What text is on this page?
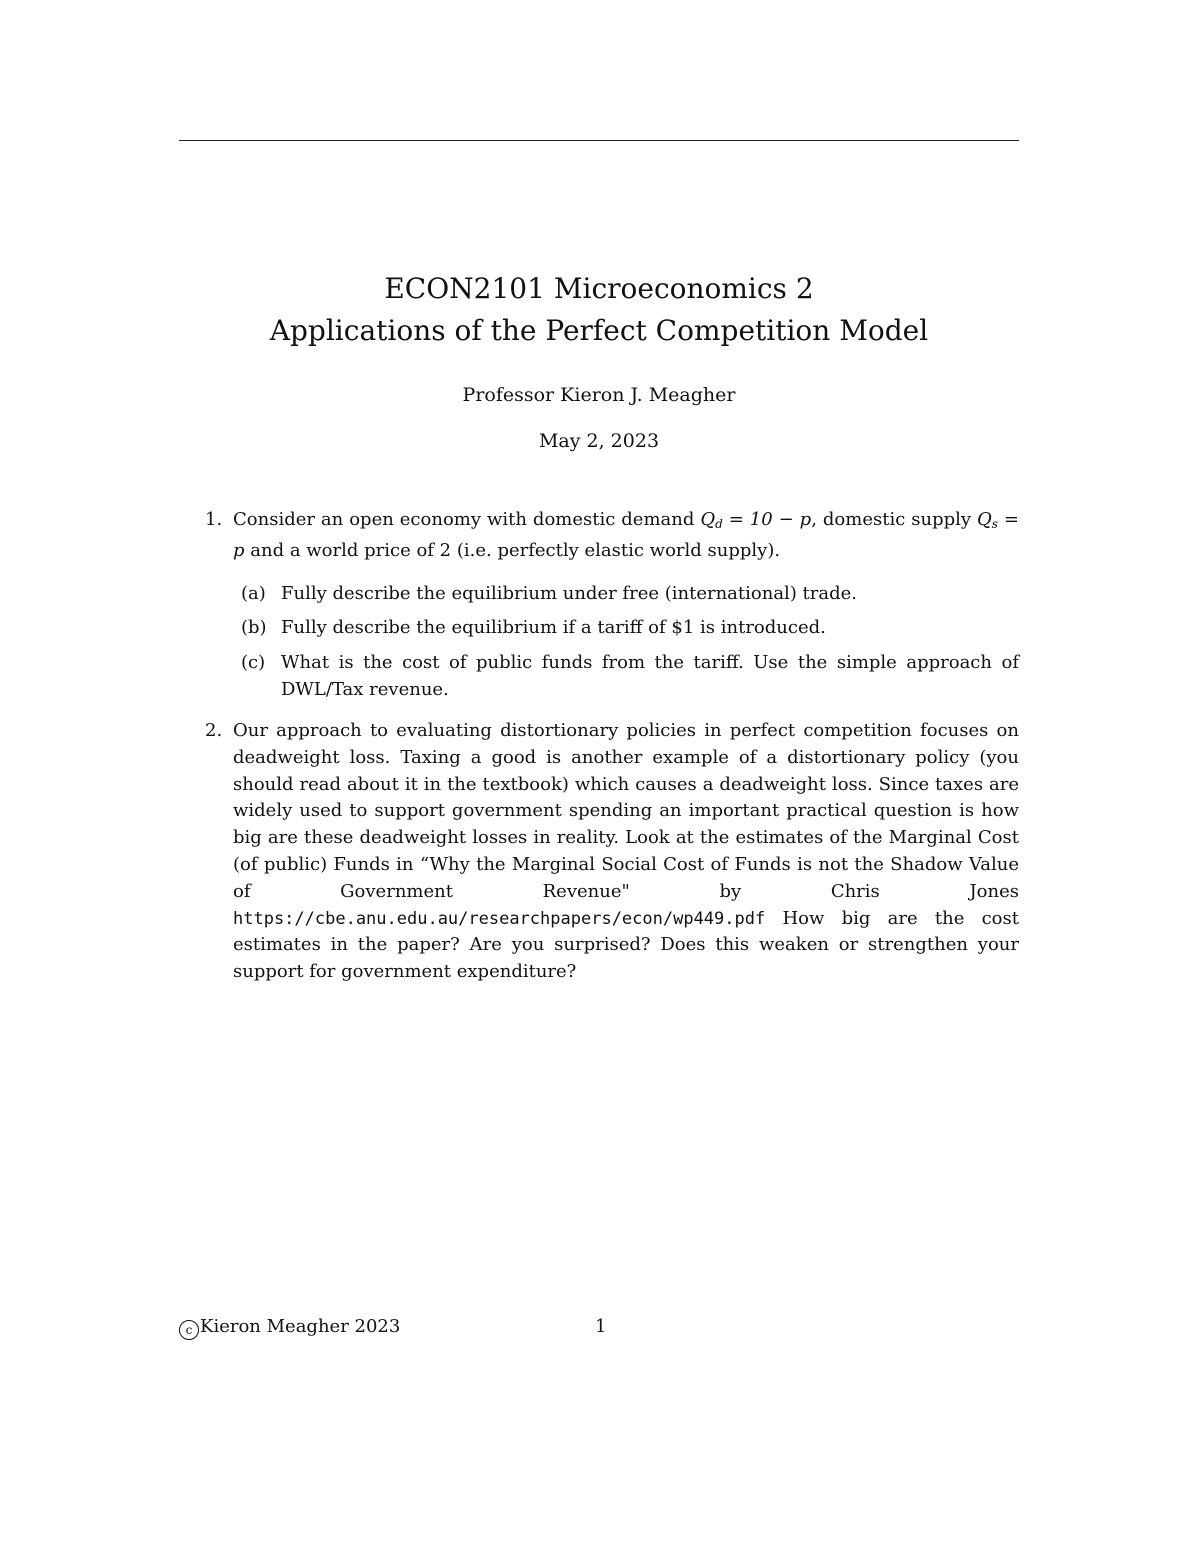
ECON2101 Microeconomics 2
Applications of the Perfect Competition Model
Professor Kieron J. Meagher
May 2, 2023
1. Consider an open economy with domestic demand Qd = 10 − p, domestic supply Qs = p and a world price of 2 (i.e. perfectly elastic world supply).
(a) Fully describe the equilibrium under free (international) trade.
(b) Fully describe the equilibrium if a tariff of $1 is introduced.
(c) What is the cost of public funds from the tariff. Use the simple approach of DWL/Tax revenue.
2. Our approach to evaluating distortionary policies in perfect competition focuses on deadweight loss. Taxing a good is another example of a distortionary policy (you should read about it in the textbook) which causes a deadweight loss. Since taxes are widely used to support government spending an important practical question is how big are these deadweight losses in reality. Look at the estimates of the Marginal Cost (of public) Funds in “Why the Marginal Social Cost of Funds is not the Shadow Value of Government Revenue" by Chris Jones https://cbe.anu.edu.au/researchpapers/econ/wp449.pdf How big are the cost estimates in the paper? Are you surprised? Does this weaken or strengthen your support for government expenditure?
c Kieron Meagher 2023	1
